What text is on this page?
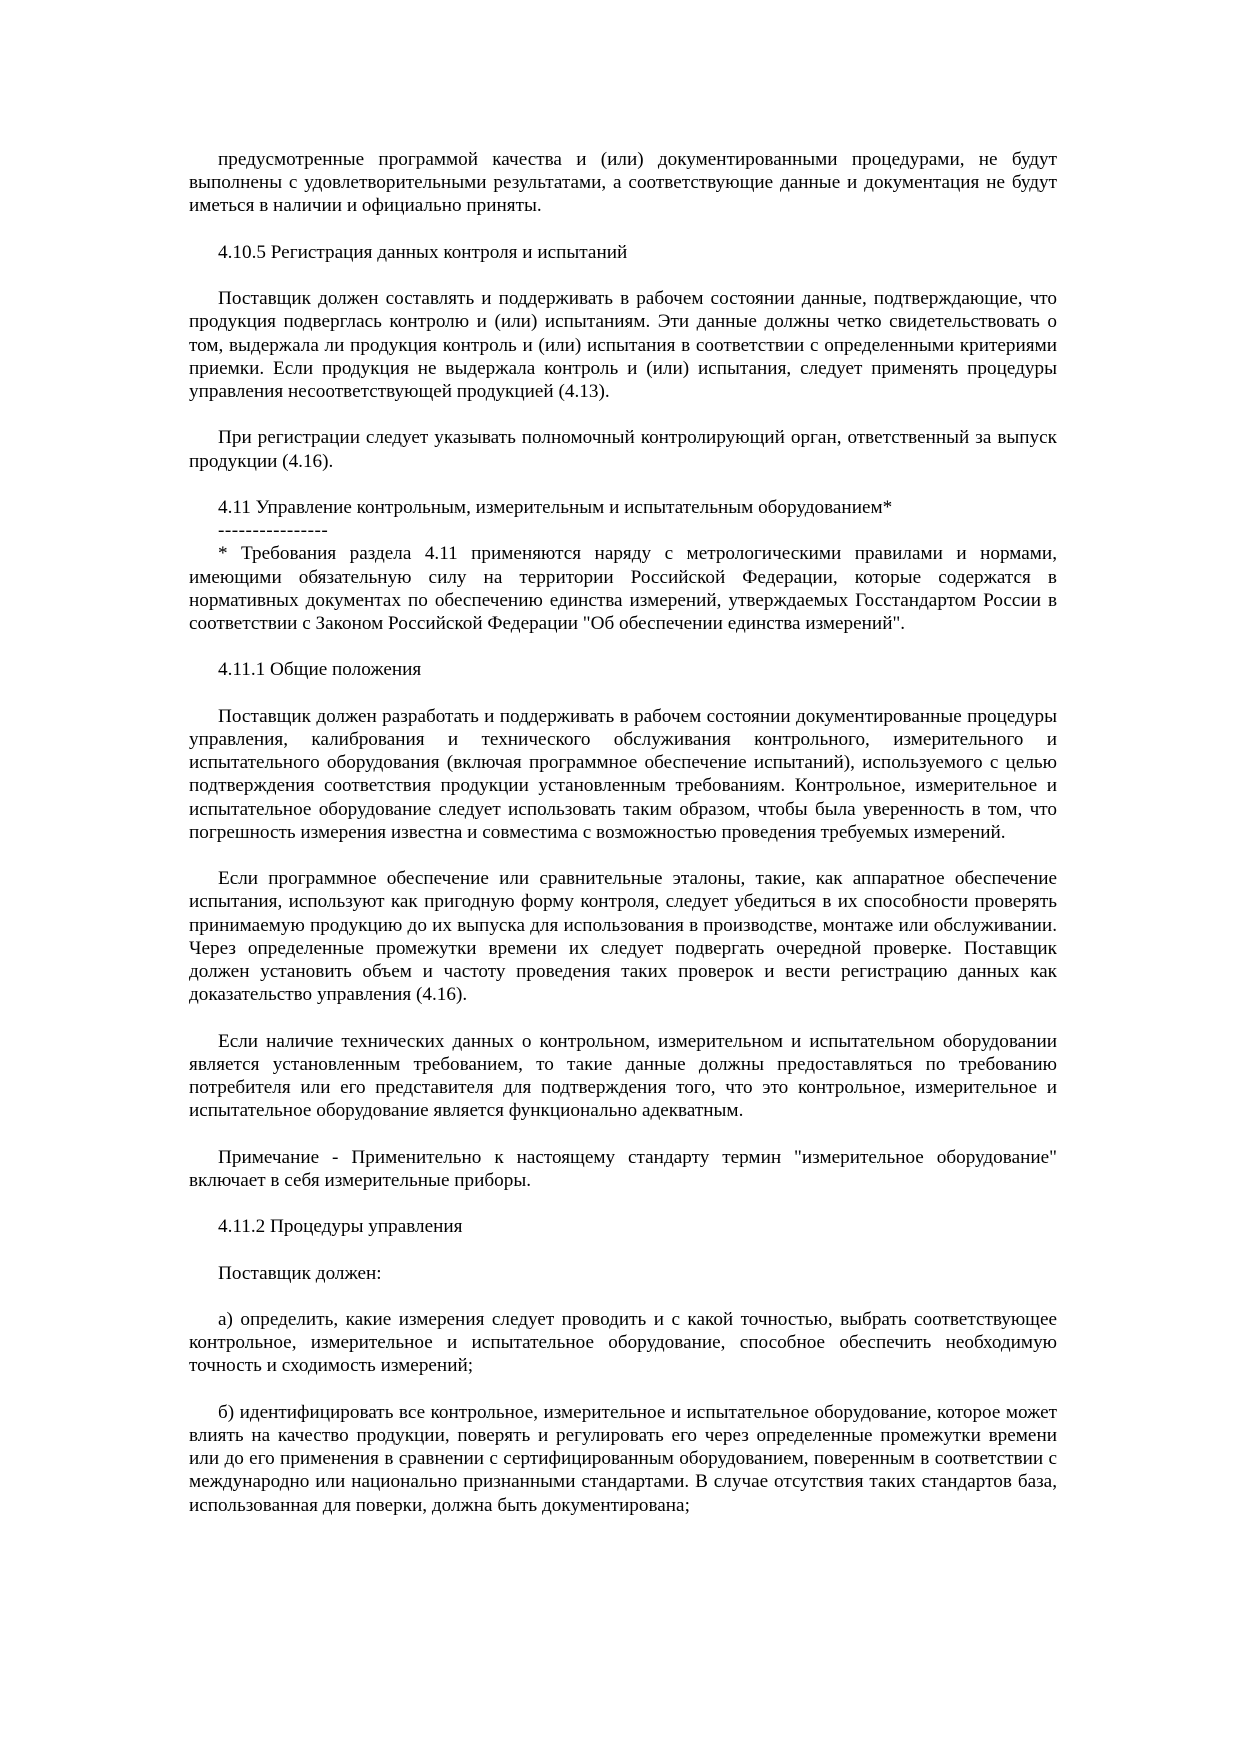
предусмотренные программой качества и (или) документированными процедурами, не будут выполнены с удовлетворительными результатами, а соответствующие данные и документация не будут иметься в наличии и официально приняты.

4.10.5 Регистрация данных контроля и испытаний

Поставщик должен составлять и поддерживать в рабочем состоянии данные, подтверждающие, что продукция подверглась контролю и (или) испытаниям. Эти данные должны четко свидетельствовать о том, выдержала ли продукция контроль и (или) испытания в соответствии с определенными критериями приемки. Если продукция не выдержала контроль и (или) испытания, следует применять процедуры управления несоответствующей продукцией (4.13).

При регистрации следует указывать полномочный контролирующий орган, ответственный за выпуск продукции (4.16).

4.11 Управление контрольным, измерительным и испытательным оборудованием*

----------------

* Требования раздела 4.11 применяются наряду с метрологическими правилами и нормами, имеющими обязательную силу на территории Российской Федерации, которые содержатся в нормативных документах по обеспечению единства измерений, утверждаемых Госстандартом России в соответствии с Законом Российской Федерации "Об обеспечении единства измерений".

4.11.1 Общие положения

Поставщик должен разработать и поддерживать в рабочем состоянии документированные процедуры управления, калибрования и технического обслуживания контрольного, измерительного и испытательного оборудования (включая программное обеспечение испытаний), используемого с целью подтверждения соответствия продукции установленным требованиям. Контрольное, измерительное и испытательное оборудование следует использовать таким образом, чтобы была уверенность в том, что погрешность измерения известна и совместима с возможностью проведения требуемых измерений.

Если программное обеспечение или сравнительные эталоны, такие, как аппаратное обеспечение испытания, используют как пригодную форму контроля, следует убедиться в их способности проверять принимаемую продукцию до их выпуска для использования в производстве, монтаже или обслуживании. Через определенные промежутки времени их следует подвергать очередной проверке. Поставщик должен установить объем и частоту проведения таких проверок и вести регистрацию данных как доказательство управления (4.16).

Если наличие технических данных о контрольном, измерительном и испытательном оборудовании является установленным требованием, то такие данные должны предоставляться по требованию потребителя или его представителя для подтверждения того, что это контрольное, измерительное и испытательное оборудование является функционально адекватным.

Примечание - Применительно к настоящему стандарту термин "измерительное оборудование" включает в себя измерительные приборы.

4.11.2 Процедуры управления

Поставщик должен:

а) определить, какие измерения следует проводить и с какой точностью, выбрать соответствующее контрольное, измерительное и испытательное оборудование, способное обеспечить необходимую точность и сходимость измерений;

б) идентифицировать все контрольное, измерительное и испытательное оборудование, которое может влиять на качество продукции, поверять и регулировать его через определенные промежутки времени или до его применения в сравнении с сертифицированным оборудованием, поверенным в соответствии с международно или национально признанными стандартами. В случае отсутствия таких стандартов база, использованная для поверки, должна быть документирована;
